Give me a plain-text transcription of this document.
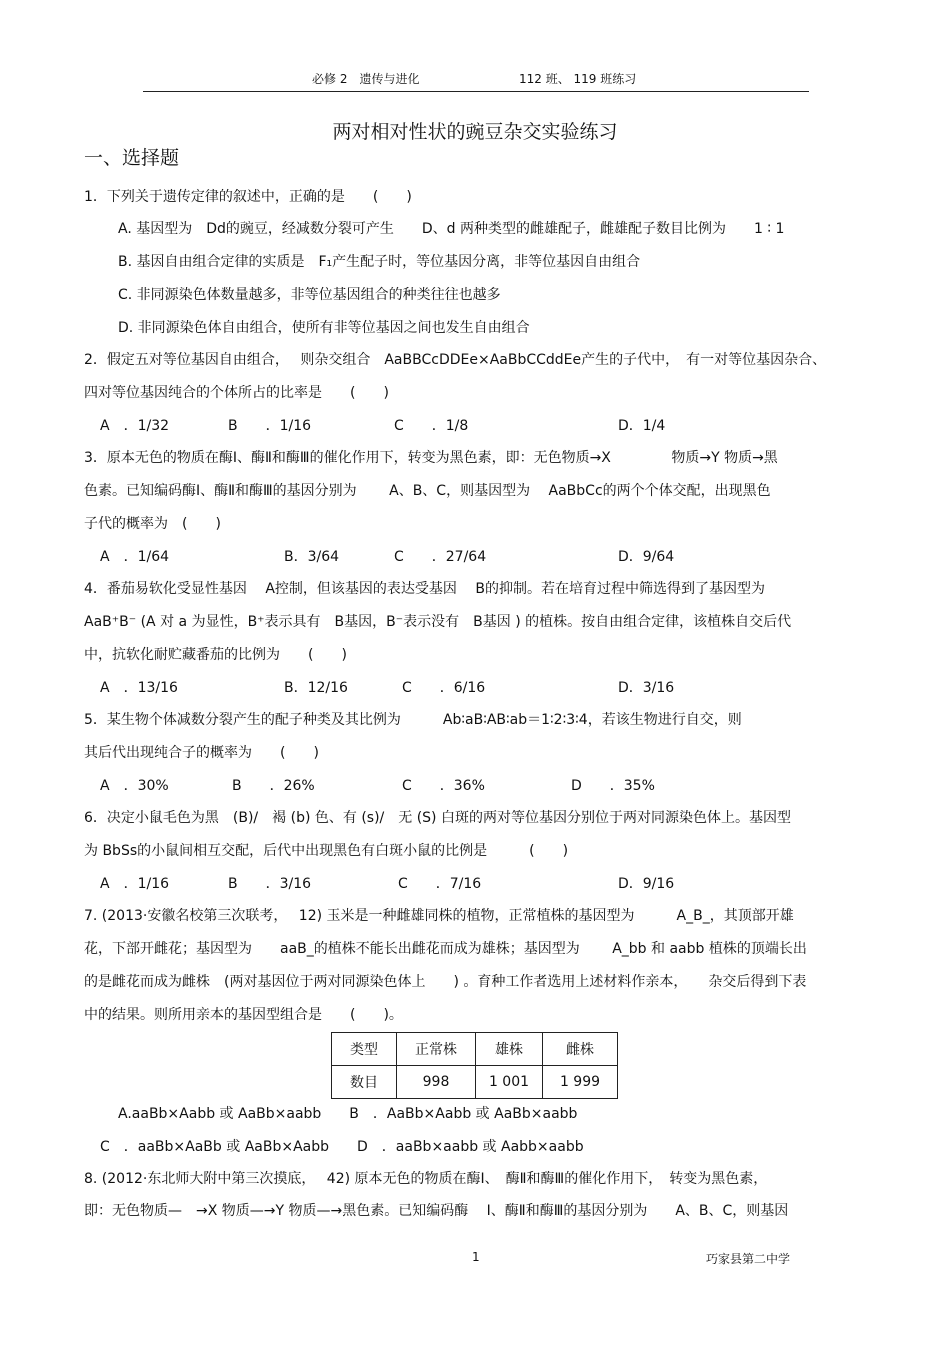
必修 2　遗传与进化	112 班、 119 班练习
两对相对性状的豌豆杂交实验练习
一、选择题
1．下列关于遗传定律的叙述中，正确的是　　(　　)
A. 基因型为　Dd的豌豆，经减数分裂可产生　　D、d 两种类型的雌雄配子，雌雄配子数目比例为　　1 ∶ 1
B. 基因自由组合定律的实质是　F₁产生配子时，等位基因分离，非等位基因自由组合
C. 非同源染色体数量越多，非等位基因组合的种类往往也越多
D. 非同源染色体自由组合，使所有非等位基因之间也发生自由组合
2．假定五对等位基因自由组合，　 则杂交组合　AaBBCcDDEe×AaBbCCddEe产生的子代中，　有一对等位基因杂合、
四对等位基因纯合的个体所占的比率是　　(　　)
A　．1/32	B　　．1/16	C　　．1/8	D．1/4
3．原本无色的物质在酶Ⅰ、酶Ⅱ和酶Ⅲ的催化作用下，转变为黑色素，即：无色物质→X　　　　 物质→Y 物质→黑
色素。已知编码酶Ⅰ、酶Ⅱ和酶Ⅲ的基因分别为　　 A、B、C，则基因型为　 AaBbCc的两个个体交配，出现黑色
子代的概率为　(　　)
A　．1/64	B．3/64	C　　．27/64	D．9/64
4．番茄易软化受显性基因　 A控制，但该基因的表达受基因　 B的抑制。若在培育过程中筛选得到了基因型为
AaB⁺B⁻ (A 对 a 为显性，B⁺表示具有　B基因，B⁻表示没有　B基因 ) 的植株。按自由组合定律，该植株自交后代
中，抗软化耐贮藏番茄的比例为　　(　　)
A　．13/16	B．12/16	C　　．6/16	D．3/16
5．某生物个体减数分裂产生的配子种类及其比例为　　　Ab∶aB∶AB∶ab＝1∶2∶3∶4，若该生物进行自交，则
其后代出现纯合子的概率为　　(　　)
A　．30%	B　　．26%	C　　．36%	D　　．35%
6．决定小鼠毛色为黑　(B)/　褐 (b) 色、有 (s)/　无 (S) 白斑的两对等位基因分别位于两对同源染色体上。基因型
为 BbSs的小鼠间相互交配，后代中出现黑色有白斑小鼠的比例是　　　(　　)
A　．1/16	B　　．3/16	C　　．7/16	D．9/16
7. (2013·安徽名校第三次联考，　 12) 玉米是一种雌雄同株的植物，正常植株的基因型为　　　A_B_，其顶部开雄
花，下部开雌花；基因型为　　aaB_的植株不能长出雌花而成为雄株；基因型为　　 A_bb 和 aabb 植株的顶端长出
的是雌花而成为雌株　(两对基因位于两对同源染色体上　　) 。育种工作者选用上述材料作亲本，　　杂交后得到下表
中的结果。则所用亲本的基因型组合是　　(　　)。
类型	正常株	雄株	雌株
数目	998	1 001	1 999
A.aaBb×Aabb 或 AaBb×aabb　　B　．AaBb×Aabb 或 AaBb×aabb
C　．aaBb×AaBb 或 AaBb×Aabb　　D　．aaBb×aabb 或 Aabb×aabb
8. (2012·东北师大附中第三次摸底，　 42) 原本无色的物质在酶Ⅰ、　酶Ⅱ和酶Ⅲ的催化作用下，　转变为黑色素，
即：无色物质—　→X 物质—→Y 物质—→黑色素。已知编码酶　 Ⅰ、酶Ⅱ和酶Ⅲ的基因分别为　　A、B、C，则基因
1	巧家县第二中学
